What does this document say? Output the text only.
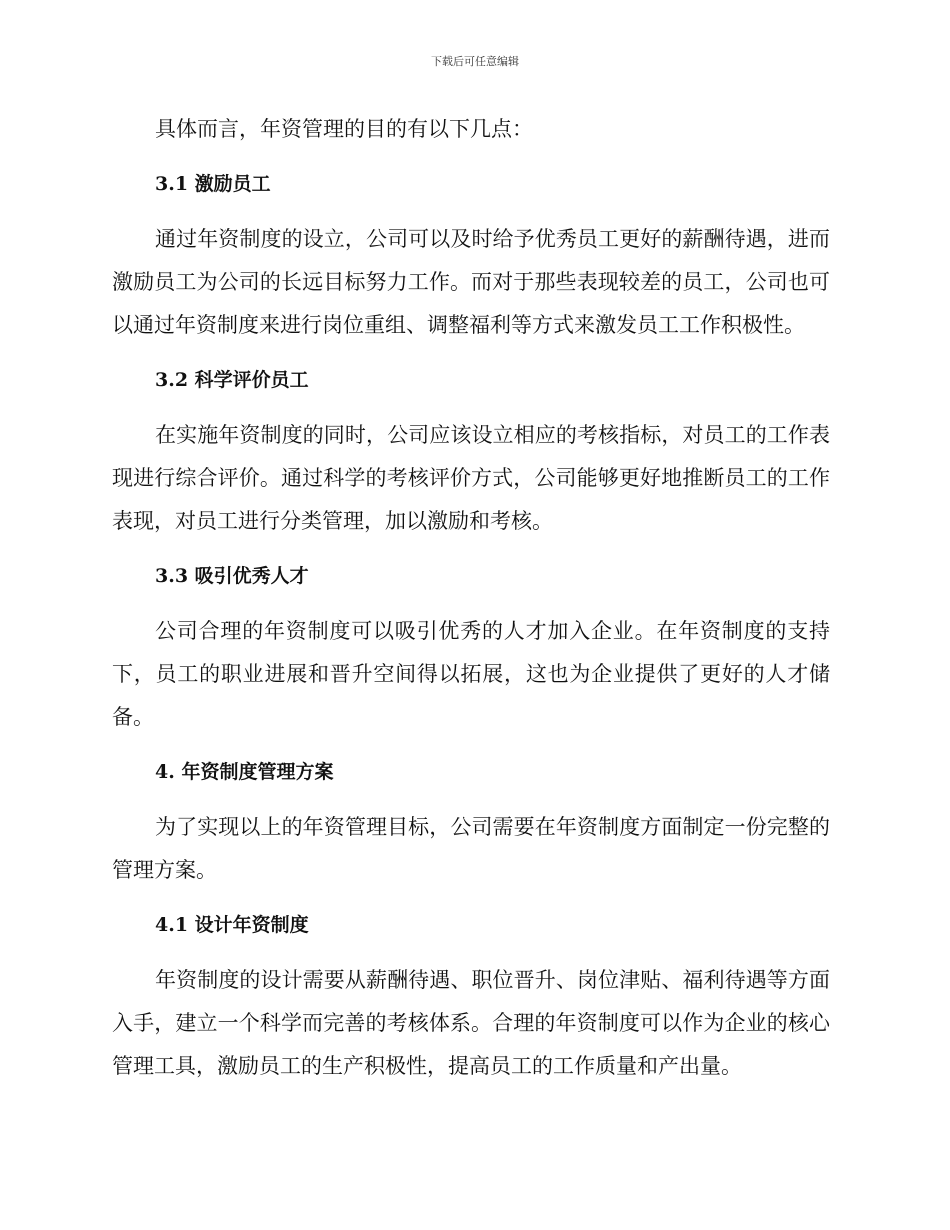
下载后可任意编辑

具体而言，年资管理的目的有以下几点：

3.1 激励员工

通过年资制度的设立，公司可以及时给予优秀员工更好的薪酬待遇，进而激励员工为公司的长远目标努力工作。而对于那些表现较差的员工，公司也可以通过年资制度来进行岗位重组、调整福利等方式来激发员工工作积极性。

3.2 科学评价员工

在实施年资制度的同时，公司应该设立相应的考核指标，对员工的工作表现进行综合评价。通过科学的考核评价方式，公司能够更好地推断员工的工作表现，对员工进行分类管理，加以激励和考核。

3.3 吸引优秀人才

公司合理的年资制度可以吸引优秀的人才加入企业。在年资制度的支持下，员工的职业进展和晋升空间得以拓展，这也为企业提供了更好的人才储备。

4. 年资制度管理方案

为了实现以上的年资管理目标，公司需要在年资制度方面制定一份完整的管理方案。

4.1 设计年资制度

年资制度的设计需要从薪酬待遇、职位晋升、岗位津贴、福利待遇等方面入手，建立一个科学而完善的考核体系。合理的年资制度可以作为企业的核心管理工具，激励员工的生产积极性，提高员工的工作质量和产出量。
